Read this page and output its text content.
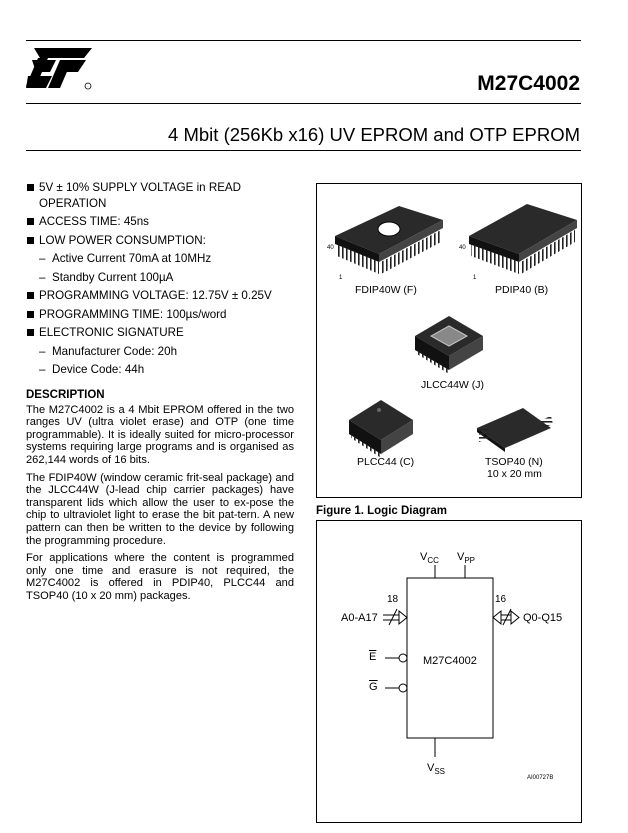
M27C4002
4 Mbit (256Kb x16) UV EPROM and OTP EPROM
5V ± 10% SUPPLY VOLTAGE in READ OPERATION
ACCESS TIME: 45ns
LOW POWER CONSUMPTION:
– Active Current 70mA at 10MHz
– Standby Current 100µA
PROGRAMMING VOLTAGE: 12.75V ± 0.25V
PROGRAMMING TIME: 100µs/word
ELECTRONIC SIGNATURE
– Manufacturer Code: 20h
– Device Code: 44h
DESCRIPTION

The M27C4002 is a 4 Mbit EPROM offered in the two ranges UV (ultra violet erase) and OTP (one time programmable). It is ideally suited for micro-processor systems requiring large programs and is organised as 262,144 words of 16 bits.

The FDIP40W (window ceramic frit-seal package) and the JLCC44W (J-lead chip carrier packages) have transparent lids which allow the user to ex-pose the chip to ultraviolet light to erase the bit pat-tern. A new pattern can then be written to the device by following the programming procedure.

For applications where the content is programmed only one time and erasure is not required, the M27C4002 is offered in PDIP40, PLCC44 and TSOP40 (10 x 20 mm) packages.

40
1
40
1
FDIP40W (F)	PDIP40 (B)
JLCC44W (J)
PLCC44 (C)	TSOP40 (N)
10 x 20 mm
Figure 1. Logic Diagram
$V_{CC}$ $V_{PP}$
18
A0-A17
16
Q0-Q15
$\overline{E}$	M27C4002
$\overline{G}$
$V_{SS}$
AI00727B
